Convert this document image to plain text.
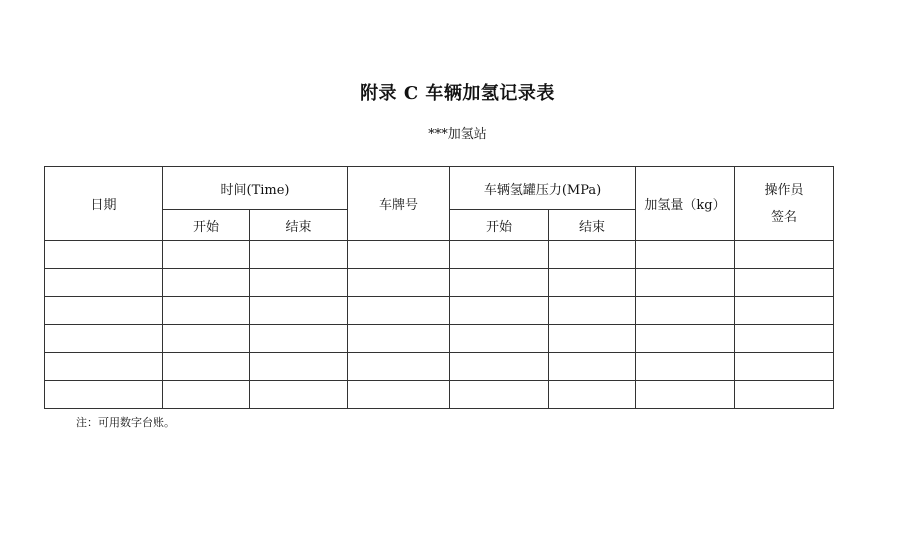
附录 C 车辆加氢记录表
***加氢站
日期	时间(Time)		车牌号	车辆氢罐压力(MPa)		加氢量（kg）	操作员
签名

	开始	结束		开始	结束		

注：可用数字台账。
